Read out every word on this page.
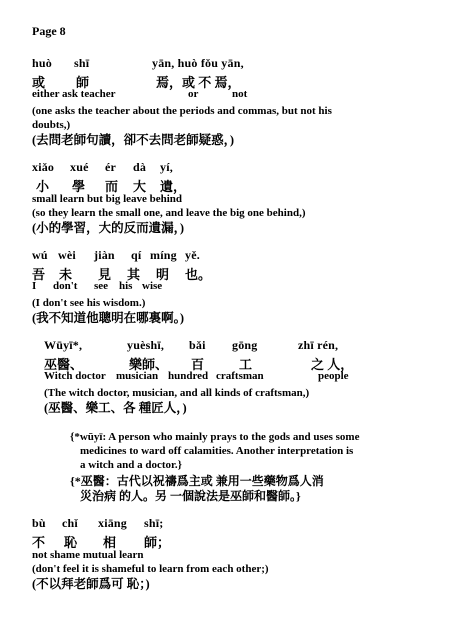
Page 8
huò shī	yān, huò fǒu yān,
或 師	焉，或 不 焉，
either ask teacher	or	not
(one asks the teacher about the periods and commas, but not his
doubts,)
(去問老師句讀，卻不去問老師疑惑，)
xiǎo xué ér dà yí,
小 學 而 大 遺，
small learn but big leave behind
(so they learn the small one, and leave the big one behind,)
(小的學習，大的反而遺漏，)
wú wèi jiàn qí míng yě.
吾 未 見 其 明 也。
I don't see his wise
(I don't see his wisdom.)
(我不知道他聰明在哪裏啊。)
Wūyī*,	yuèshī, bǎi gōng	zhī rén,
巫醫、	樂師、 百	工	之 人，
Witch doctor musician hundred craftsman	people
(The witch doctor, musician, and all kinds of craftsman,)
(巫醫、樂工、各 種匠人，)
{*wūyī: A person who mainly prays to the gods and uses some
medicines to ward off calamities. Another interpretation is
a witch and a doctor.}
{*巫醫：古代以祝禱爲主或 兼用一些藥物爲人消
災治病 的人。另 一個說法是巫師和醫師。}
bù chǐ xiāng shī;
不 恥 相 師；
not shame mutual learn
(don't feel it is shameful to learn from each other;)
(不以拜老師爲可 恥；)
